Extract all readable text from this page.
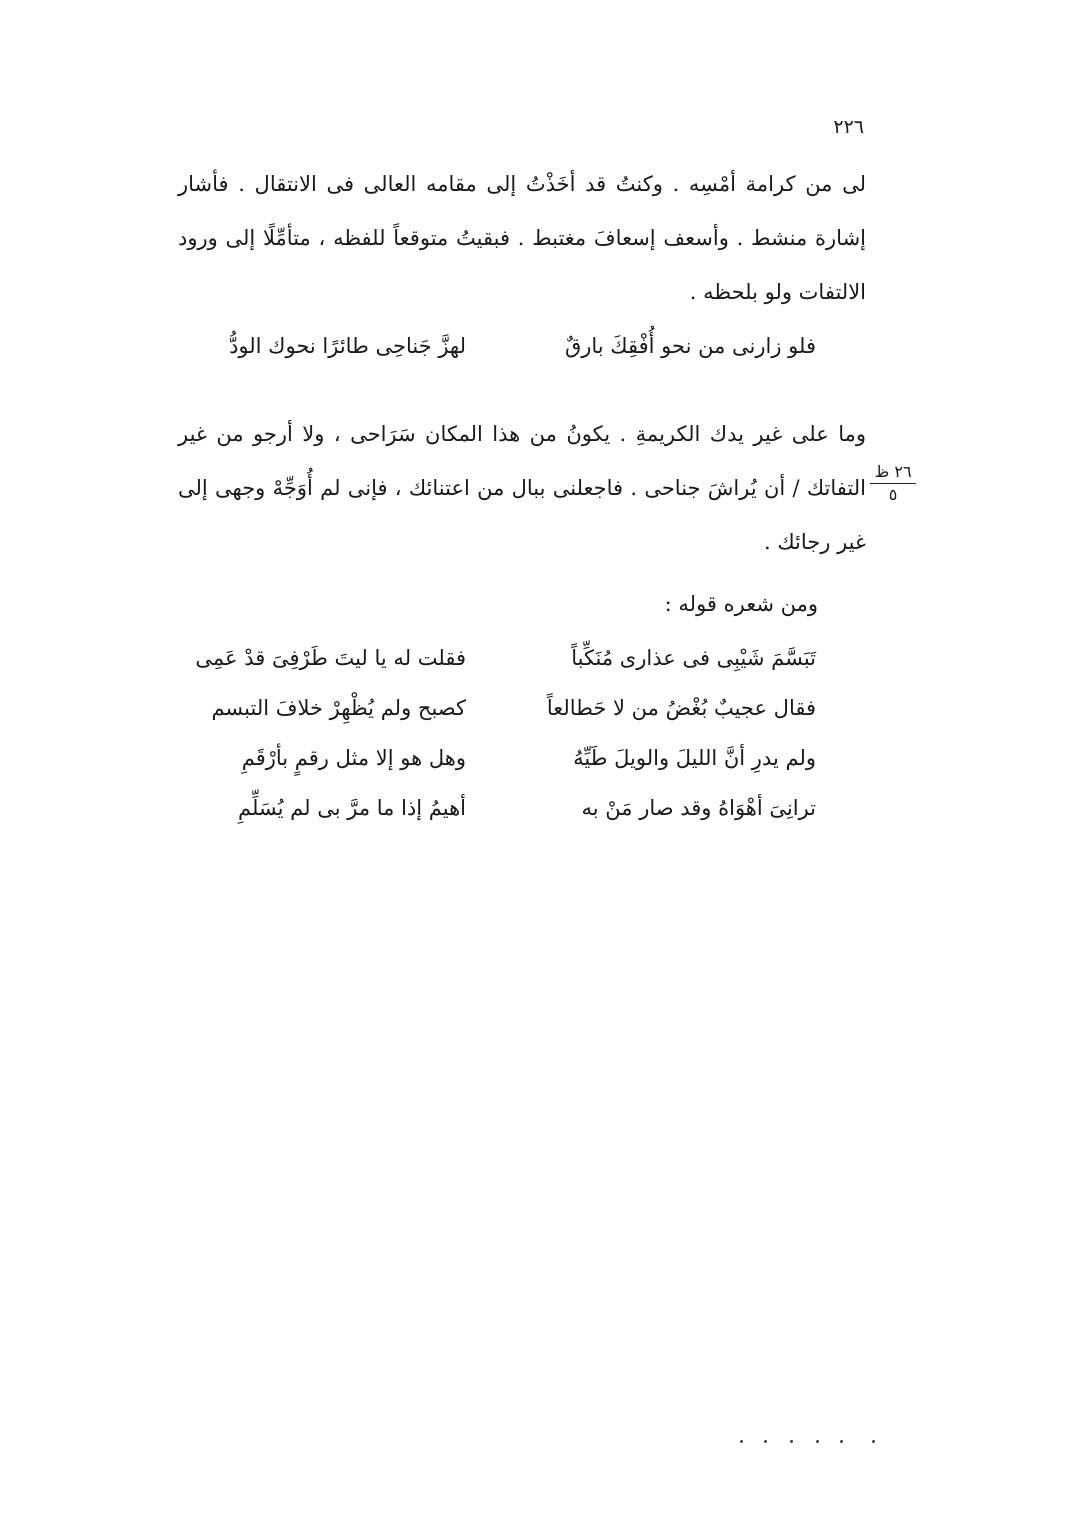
٢٢٦

لى من كرامة أمْسِه . وكنتُ قد أخَذْتُ إلى مقامه العالى فى الانتقال . فأشار إشارة منشط . وأسعف إسعافَ مغتبط . فبقيتُ متوقعاً للفظه ، متأمِّلًا إلى ورود الالتفات ولو بلحظه .

فلو زارنى من نحو أُفْقِكَ بارقٌ
لهزَّ جَناحِى طائرًا نحوك الودُّ

وما على غير يدك الكريمةِ . يكونُ من هذا المكان سَرَاحى ، ولا أرجو من غير التفاتك / أن يُراشَ جناحى . فاجعلنى ببال من اعتنائك ، فإنى لم أُوَجِّهْ وجهى إلى غير رجائك .

٢٦ ظ
٥
ومن شعره قوله :
تَبَسَّمَ شَيْبِى فى عذارى مُنَكِّباً
فقلت له يا ليتَ طَرْفِىَ قدْ عَمِى
فقال عجيبٌ بُغْضُ من لا حَطالعاً
كصبح ولم يُظْهِرْ خلافَ التبسم
ولم يدرِ أنَّ الليلَ والويلَ طَيِّهُ
وهل هو إلا مثل رقمٍ بأرْقَمِ
ترانِىَ أهْوَاهُ وقد صار مَنْ به
أهيمُ إذا ما مرَّ بى لم يُسَلِّمِ
